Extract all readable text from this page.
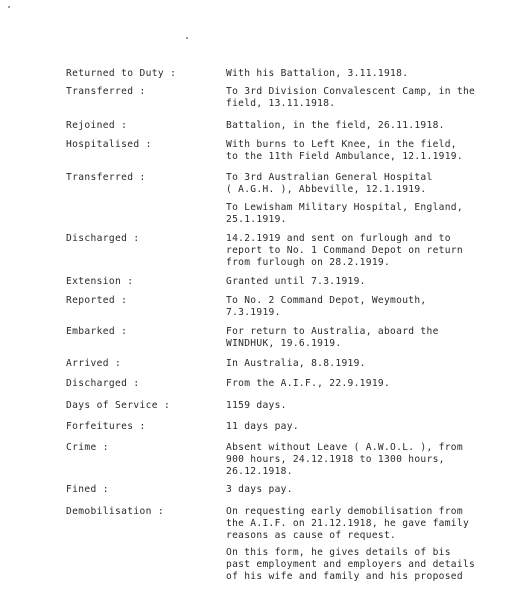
Returned to Duty :	With his Battalion, 3.11.1918.
Transferred :	To 3rd Division Convalescent Camp, in the
field, 13.11.1918.
Rejoined :	Battalion, in the field, 26.11.1918.
Hospitalised :	With burns to Left Knee, in the field,
to the 11th Field Ambulance, 12.1.1919.
Transferred :	To 3rd Australian General Hospital
( A.G.H. ), Abbeville, 12.1.1919.
To Lewisham Military Hospital, England,
25.1.1919.
Discharged :	14.2.1919 and sent on furlough and to
report to No. 1 Command Depot on return
from furlough on 28.2.1919.
Extension :	Granted until 7.3.1919.
Reported :	To No. 2 Command Depot, Weymouth,
7.3.1919.
Embarked :	For return to Australia, aboard the
WINDHUK, 19.6.1919.
Arrived :	In Australia, 8.8.1919.
Discharged :	From the A.I.F., 22.9.1919.
Days of Service :	1159 days.
Forfeitures :	11 days pay.
Crime :	Absent without Leave ( A.W.O.L. ), from
900 hours, 24.12.1918 to 1300 hours,
26.12.1918.
Fined :	3 days pay.
Demobilisation :	On requesting early demobilisation from
the A.I.F. on 21.12.1918, he gave family
reasons as cause of request.
On this form, he gives details of bis
past employment and employers and details
of his wife and family and his proposed
